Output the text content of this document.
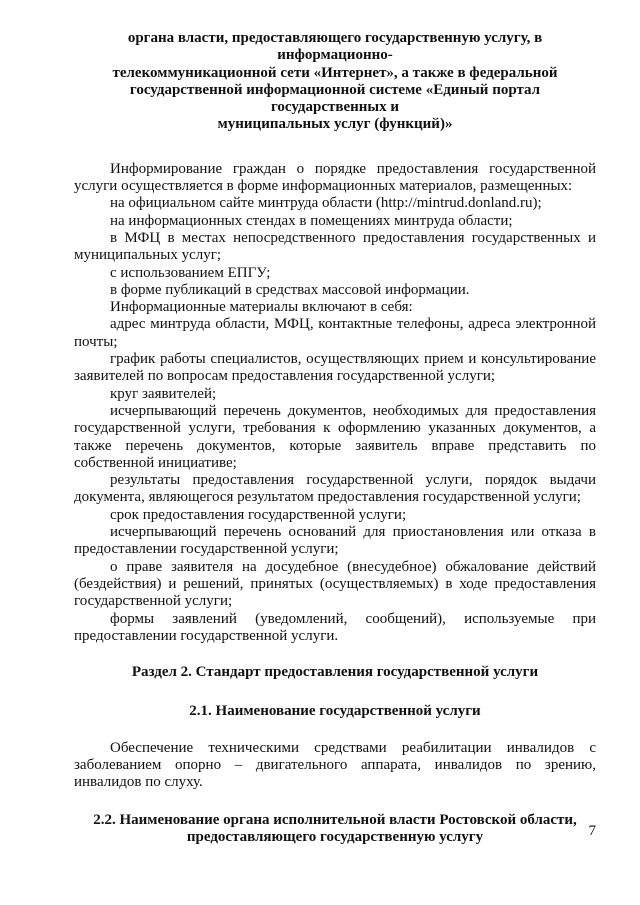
органа власти, предоставляющего государственную услугу, в информационно-

телекоммуникационной сети «Интернет», а также в федеральной

государственной информационной системе «Единый портал государственных и

муниципальных услуг (функций)»

Информирование граждан о порядке предоставления государственной услуги осуществляется в форме информационных материалов, размещенных:

на официальном сайте минтруда области (http://mintrud.donland.ru);

на информационных стендах в помещениях минтруда области;

в МФЦ в местах непосредственного предоставления государственных и муниципальных услуг;

с использованием ЕПГУ;

в форме публикаций в средствах массовой информации.

Информационные материалы включают в себя:

адрес минтруда области, МФЦ, контактные телефоны, адреса электронной почты;

график работы специалистов, осуществляющих прием и консультирование заявителей по вопросам предоставления государственной услуги;

круг заявителей;

исчерпывающий перечень документов, необходимых для предоставления государственной услуги, требования к оформлению указанных документов, а также перечень документов, которые заявитель вправе представить по собственной инициативе;

результаты предоставления государственной услуги, порядок выдачи документа, являющегося результатом предоставления государственной услуги;

срок предоставления государственной услуги;

исчерпывающий перечень оснований для приостановления или отказа в предоставлении государственной услуги;

о праве заявителя на досудебное (внесудебное) обжалование действий (бездействия) и решений, принятых (осуществляемых) в ходе предоставления государственной услуги;

формы заявлений (уведомлений, сообщений), используемые при предоставлении государственной услуги.

Раздел 2. Стандарт предоставления государственной услуги

2.1. Наименование государственной услуги

Обеспечение техническими средствами реабилитации инвалидов с заболеванием опорно – двигательного аппарата, инвалидов по зрению, инвалидов по слуху.

2.2. Наименование органа исполнительной власти Ростовской области,

предоставляющего государственную услугу	7
